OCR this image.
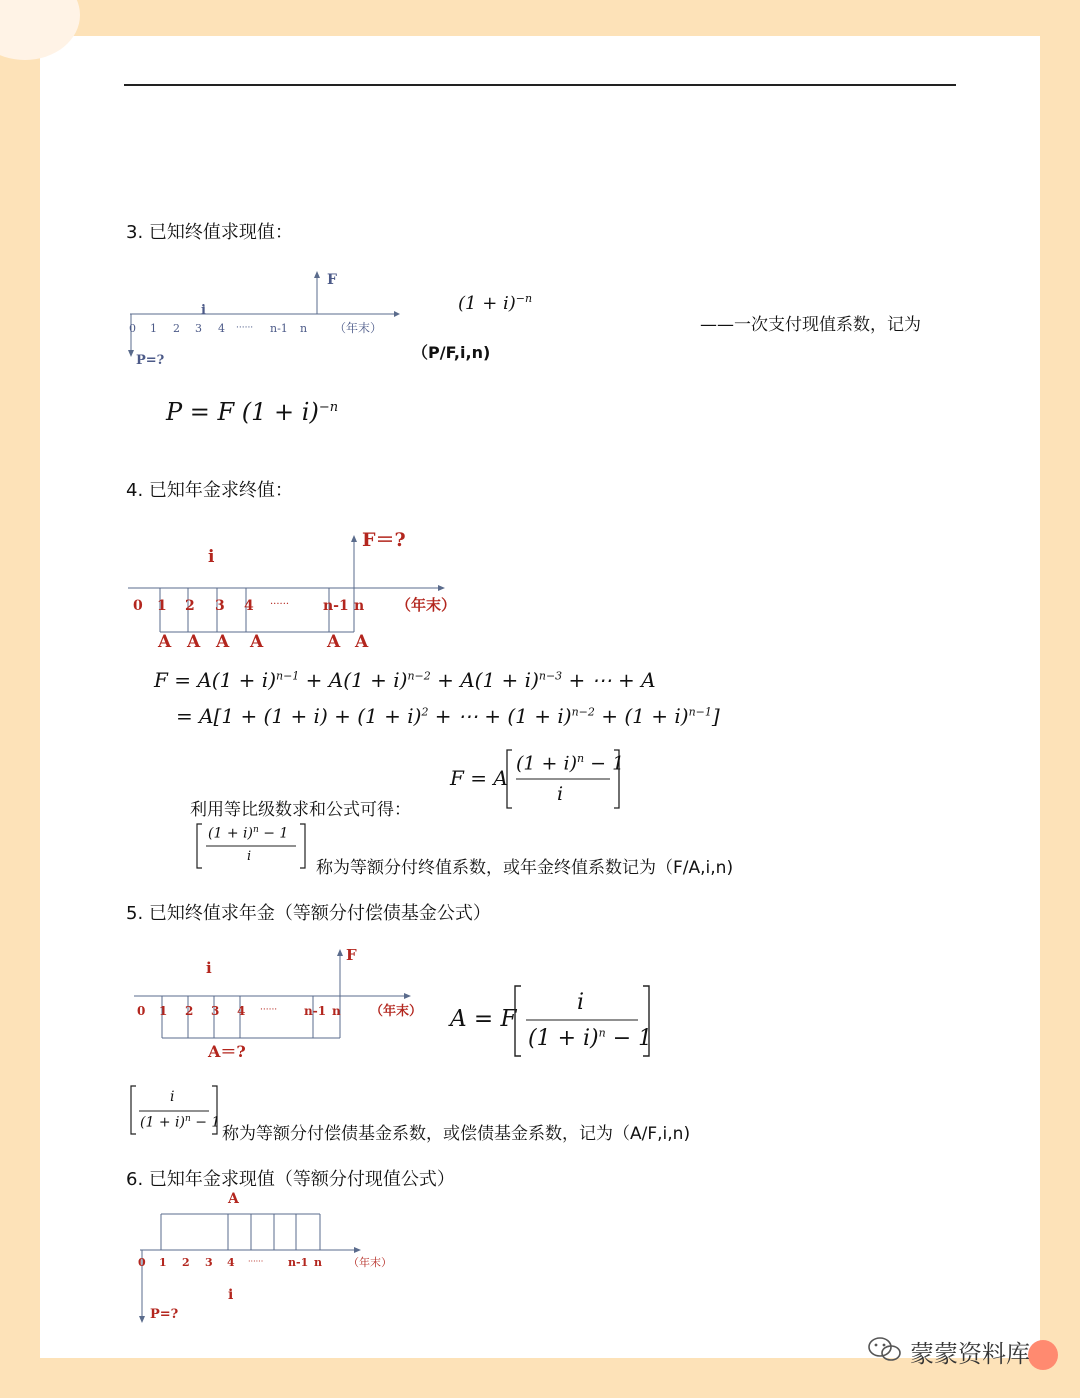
3. 已知终值求现值：
F
i
0 1 2 3 4 ······ n-1 n （年末）
P=?
$(1 + i)^{-n}$
——一次支付现值系数，记为
（P/F,i,n)
P = F $(1 + i)^{-n}$
4. 已知年金求终值：
F＝?
i
0 1 2 3 4 ······ n-1 n （年末）
A A A A	A A
$F = A(1 + i)^{n-1} + A(1 + i)^{n-2} + A(1 + i)^{n-3}$ + ⋯ + A
= $A[1 + (1 + i) + (1 + i)^2$ + ⋯ + $(1 + i)^{n-2} + (1 + i)^{n-1}$]
利用等比级数求和公式可得：
F = A
$(1 + i)^n - 1$
i
$(1 + i)^n - 1$
i
称为等额分付终值系数，或年金终值系数记为（F/A,i,n)
5. 已知终值求年金（等额分付偿债基金公式）
F
i
0 1 2 3 4 ······ n-1 n （年末）
A＝?
A = F
i
$(1 + i)^n - 1$
i
$(1 + i)^n - 1$
称为等额分付偿债基金系数，或偿债基金系数，记为（A/F,i,n)
6. 已知年金求现值（等额分付现值公式）
A
0 1 2 3 4 ······ n-1 n （年末）
i
P=?
蒙蒙资料库
